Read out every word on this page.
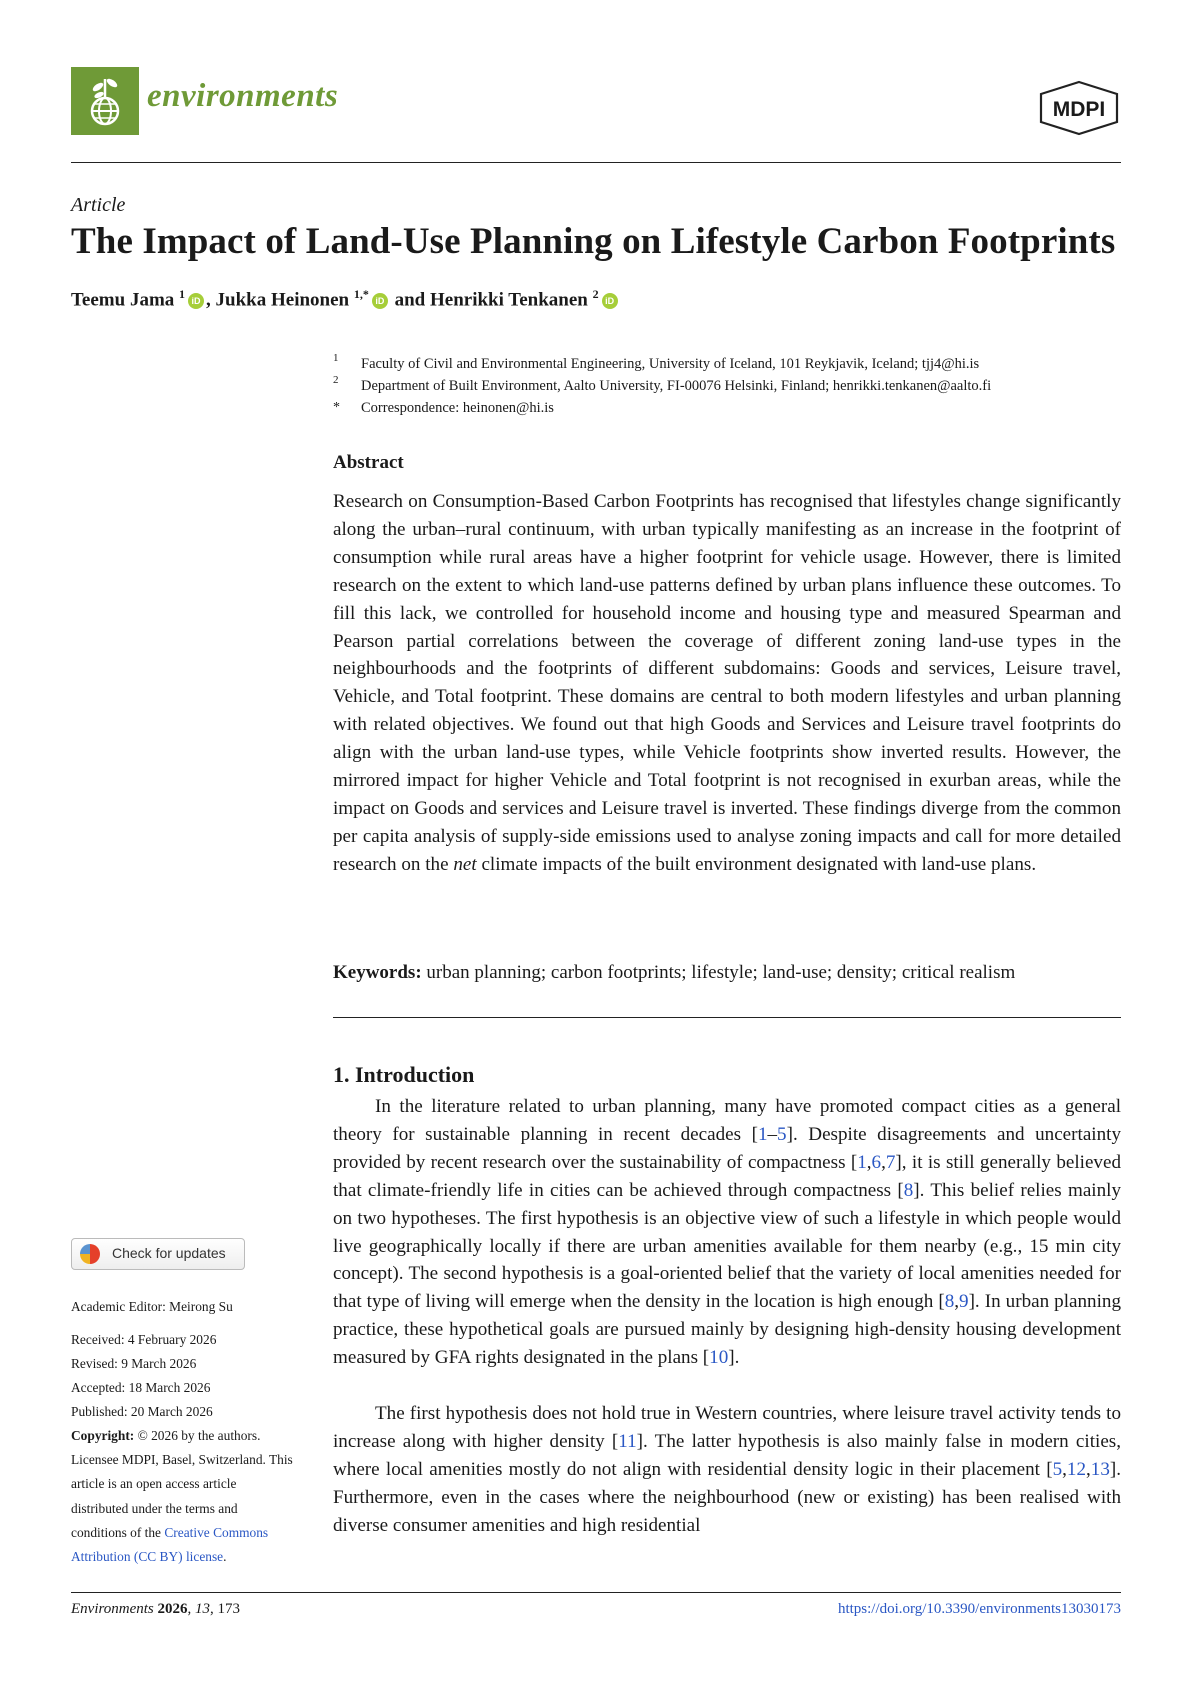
environments	MDPI
Article
The Impact of Land-Use Planning on Lifestyle Carbon Footprints
Teemu Jama $^1$iD , Jukka Heinonen $^{1,*}$iD and Henrikki Tenkanen $^2$iD
1 Faculty of Civil and Environmental Engineering, University of Iceland, 101 Reykjavik, Iceland; tjj4@hi.is
2 Department of Built Environment, Aalto University, FI-00076 Helsinki, Finland; henrikki.tenkanen@aalto.fi
* Correspondence: heinonen@hi.is
Abstract
Research on Consumption-Based Carbon Footprints has recognised that lifestyles change significantly along the urban–rural continuum, with urban typically manifesting as an increase in the footprint of consumption while rural areas have a higher footprint for vehicle usage. However, there is limited research on the extent to which land-use patterns defined by urban plans influence these outcomes. To fill this lack, we controlled for household income and housing type and measured Spearman and Pearson partial correlations between the coverage of different zoning land-use types in the neighbourhoods and the footprints of different subdomains: Goods and services, Leisure travel, Vehicle, and Total footprint. These domains are central to both modern lifestyles and urban planning with related objectives. We found out that high Goods and Services and Leisure travel footprints do align with the urban land-use types, while Vehicle footprints show inverted results. However, the mirrored impact for higher Vehicle and Total footprint is not recognised in exurban areas, while the impact on Goods and services and Leisure travel is inverted. These findings diverge from the common per capita analysis of supply-side emissions used to analyse zoning impacts and call for more detailed research on the net climate impacts of the built environment designated with land-use plans.
Keywords: urban planning; carbon footprints; lifestyle; land-use; density; critical realism
1. Introduction
In the literature related to urban planning, many have promoted compact cities as a general theory for sustainable planning in recent decades [1–5]. Despite disagreements and uncertainty provided by recent research over the sustainability of compactness [1,6,7], it is still generally believed that climate-friendly life in cities can be achieved through compactness [8]. This belief relies mainly on two hypotheses. The first hypothesis is an objective view of such a lifestyle in which people would live geographically locally if there are urban amenities available for them nearby (e.g., 15 min city concept). The second hypothesis is a goal-oriented belief that the variety of local amenities needed for that type of living will emerge when the density in the location is high enough [8,9]. In urban planning practice, these hypothetical goals are pursued mainly by designing high-density housing development measured by GFA rights designated in the plans [10].
The first hypothesis does not hold true in Western countries, where leisure travel activity tends to increase along with higher density [11]. The latter hypothesis is also mainly false in modern cities, where local amenities mostly do not align with residential density logic in their placement [5,12,13]. Furthermore, even in the cases where the neighbourhood (new or existing) has been realised with diverse consumer amenities and high residential
Check for updates
Academic Editor: Meirong Su
Received: 4 February 2026
Revised: 9 March 2026
Accepted: 18 March 2026
Published: 20 March 2026
Copyright: © 2026 by the authors. Licensee MDPI, Basel, Switzerland. This article is an open access article distributed under the terms and conditions of the Creative Commons Attribution (CC BY) license.
Environments 2026, 13, 173	https://doi.org/10.3390/environments13030173
